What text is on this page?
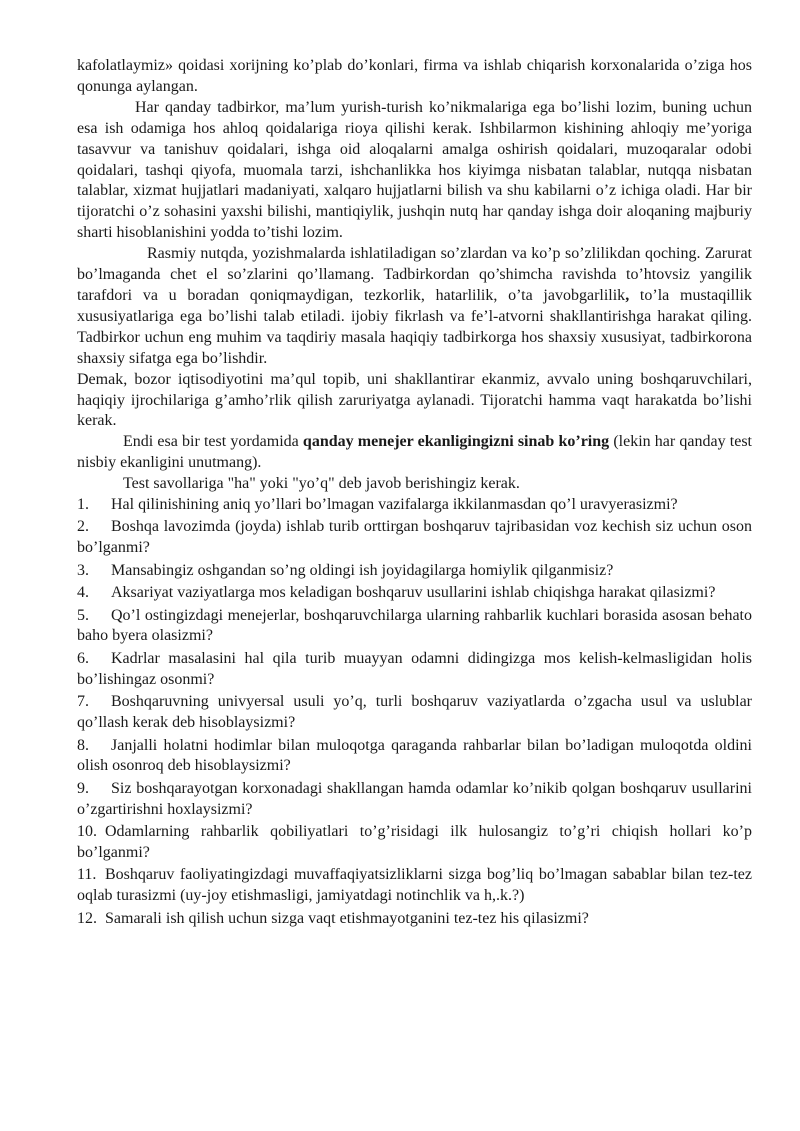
kafolatlaymiz» qoidasi xorijning ko’plab do’konlari, firma va ishlab chiqarish korxonalarida o’ziga hos qonunga aylangan.

Har qanday tadbirkor, ma’lum yurish-turish ko’nikmalariga ega bo’lishi lozim, buning uchun esa ish odamiga hos ahloq qoidalariga rioya qilishi kerak. Ishbilarmon kishining ahloqiy me’yoriga tasavvur va tanishuv qoidalari, ishga oid aloqalarni amalga oshirish qoidalari, muzoqaralar odobi qoidalari, tashqi qiyofa, muomala tarzi, ishchanlikka hos kiyimga nisbatan talablar, nutqqa nisbatan talablar, xizmat hujjatlari madaniyati, xalqaro hujjatlarni bilish va shu kabilarni o’z ichiga oladi. Har bir tijoratchi o’z sohasini yaxshi bilishi, mantiqiylik, jushqin nutq har qanday ishga doir aloqaning majburiy sharti hisoblanishini yodda to’tishi lozim.

Rasmiy nutqda, yozishmalarda ishlatiladigan so’zlardan va ko’p so’zlilikdan qoching. Zarurat bo’lmaganda chet el so’zlarini qo’llamang. Tadbirkordan qo’shimcha ravishda to’htovsiz yangilik tarafdori va u boradan qoniqmaydigan, tezkorlik, hatarlilik, o’ta javobgarlilik, to’la mustaqillik xususiyatlariga ega bo’lishi talab etiladi. ijobiy fikrlash va fe’l-atvorni shakllantirishga harakat qiling. Tadbirkor uchun eng muhim va taqdiriy masala haqiqiy tadbirkorga hos shaxsiy xususiyat, tadbirkorona shaxsiy sifatga ega bo’lishdir.

Demak, bozor iqtisodiyotini ma’qul topib, uni shakllantirar ekanmiz, avvalo uning boshqaruvchilari, haqiqiy ijrochilariga g’amho’rlik qilish zaruriyatga aylanadi. Tijoratchi hamma vaqt harakatda bo’lishi kerak.

Endi esa bir test yordamida qanday menejer ekanligingizni sinab ko’ring (lekin har qanday test nisbiy ekanligini unutmang).

Test savollariga "ha" yoki "yo’q" deb javob berishingiz kerak.

1. Hal qilinishining aniq yo’llari bo’lmagan vazifalarga ikkilanmasdan qo’l uravyerasizmi?

2. Boshqa lavozimda (joyda) ishlab turib orttirgan boshqaruv tajribasidan voz kechish siz uchun oson bo’lganmi?

3. Mansabingiz oshgandan so’ng oldingi ish joyidagilarga homiylik qilganmisiz?

4. Aksariyat vaziyatlarga mos keladigan boshqaruv usullarini ishlab chiqishga harakat qilasizmi?

5. Qo’l ostingizdagi menejerlar, boshqaruvchilarga ularning rahbarlik kuchlari borasida asosan behato baho byera olasizmi?

6. Kadrlar masalasini hal qila turib muayyan odamni didingizga mos kelish-kelmasligidan holis bo’lishingaz osonmi?

7. Boshqaruvning univyersal usuli yo’q, turli boshqaruv vaziyatlarda o’zgacha usul va uslublar qo’llash kerak deb hisoblaysizmi?

8. Janjalli holatni hodimlar bilan muloqotga qaraganda rahbarlar bilan bo’ladigan muloqotda oldini olish osonroq deb hisoblaysizmi?

9. Siz boshqarayotgan korxonadagi shakllangan hamda odamlar ko’nikib qolgan boshqaruv usullarini o’zgartirishni hoxlaysizmi?

10. Odamlarning rahbarlik qobiliyatlari to’g’risidagi ilk hulosangiz to’g’ri chiqish hollari ko’p bo’lganmi?

11. Boshqaruv faoliyatingizdagi muvaffaqiyatsizliklarni sizga bog’liq bo’lmagan sabablar bilan tez-tez oqlab turasizmi (uy-joy etishmasligi, jamiyatdagi notinchlik va h,.k.?)

12. Samarali ish qilish uchun sizga vaqt etishmayotganini tez-tez his qilasizmi?
